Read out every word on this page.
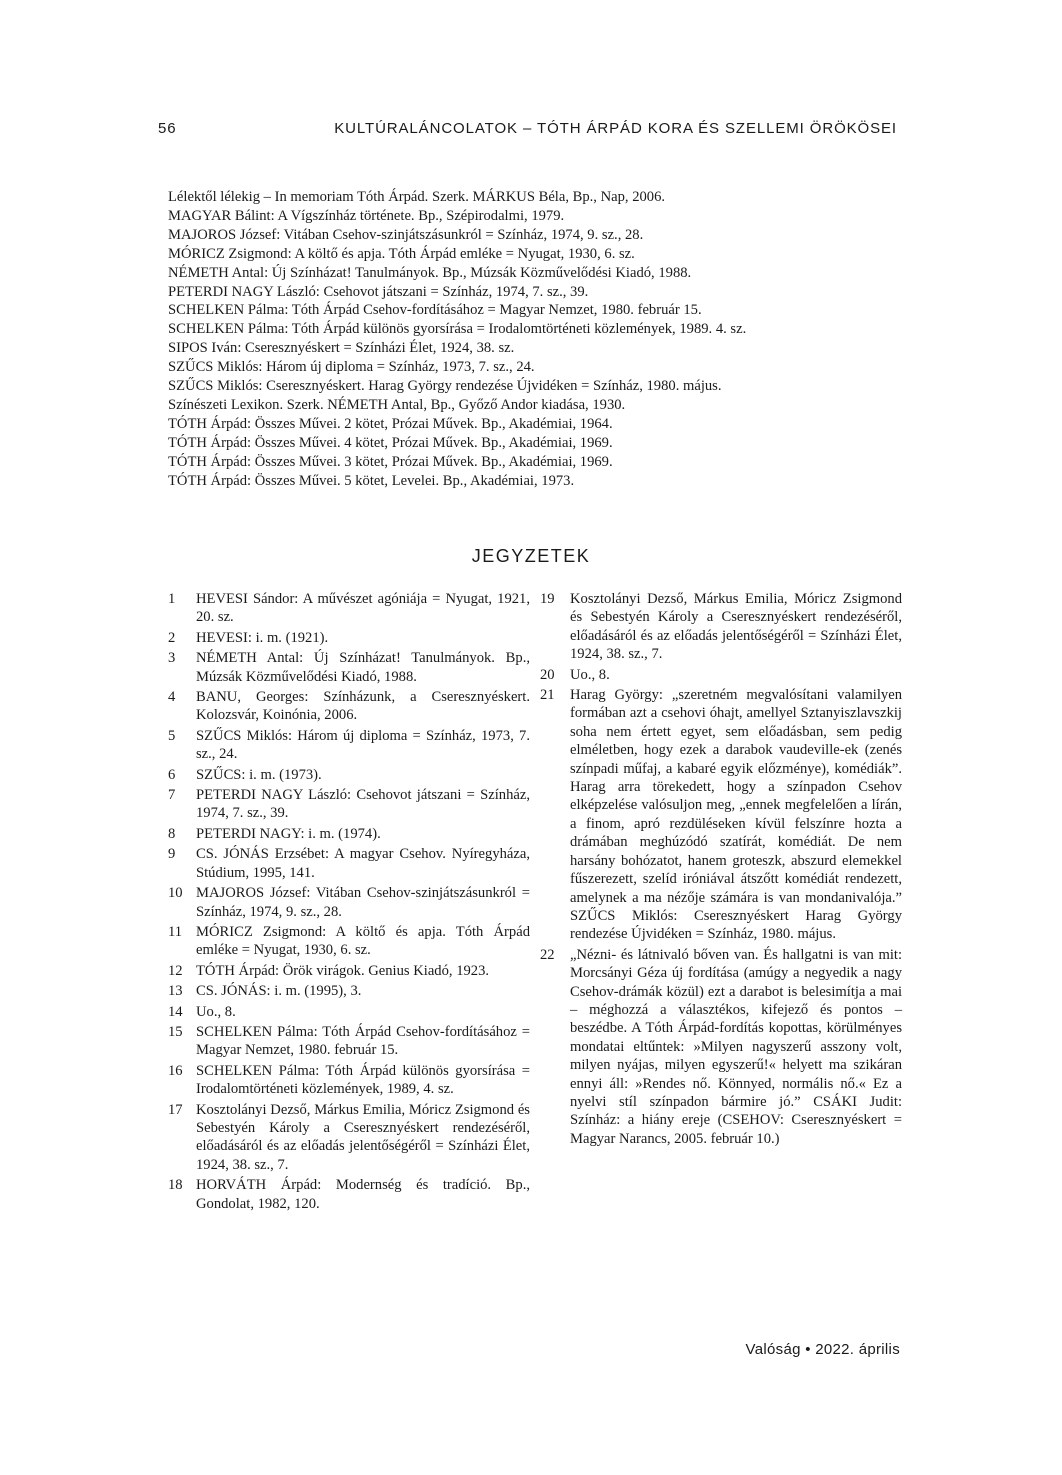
56	KULTÚRALÁNCOLATOK – TÓTH ÁRPÁD KORA ÉS SZELLEMI ÖRÖKÖSEI
Lélektől lélekig – In memoriam Tóth Árpád. Szerk. MÁRKUS Béla, Bp., Nap, 2006.
MAGYAR Bálint: A Vígszínház története. Bp., Szépirodalmi, 1979.
MAJOROS József: Vitában Csehov-szinjátszásunkról = Színház, 1974, 9. sz., 28.
MÓRICZ Zsigmond: A költő és apja. Tóth Árpád emléke = Nyugat, 1930, 6. sz.
NÉMETH Antal: Új Színházat! Tanulmányok. Bp., Múzsák Közművelődési Kiadó, 1988.
PETERDI NAGY László: Csehovot játszani = Színház, 1974, 7. sz., 39.
SCHELKEN Pálma: Tóth Árpád Csehov-fordításához = Magyar Nemzet, 1980. február 15.
SCHELKEN Pálma: Tóth Árpád különös gyorsírása = Irodalomtörténeti közlemények, 1989. 4. sz.
SIPOS Iván: Cseresznyéskert = Színházi Élet, 1924, 38. sz.
SZŰCS Miklós: Három új diploma = Színház, 1973, 7. sz., 24.
SZŰCS Miklós: Cseresznyéskert. Harag György rendezése Újvidéken = Színház, 1980. május.
Színészeti Lexikon. Szerk. NÉMETH Antal, Bp., Győző Andor kiadása, 1930.
TÓTH Árpád: Összes Művei. 2 kötet, Prózai Művek. Bp., Akadémiai, 1964.
TÓTH Árpád: Összes Művei. 4 kötet, Prózai Művek. Bp., Akadémiai, 1969.
TÓTH Árpád: Összes Művei. 3 kötet, Prózai Művek. Bp., Akadémiai, 1969.
TÓTH Árpád: Összes Művei. 5 kötet, Levelei. Bp., Akadémiai, 1973.
JEGYZETEK
1	HEVESI Sándor: A művészet agóniája = Nyugat, 1921, 20. sz.
2	HEVESI: i. m. (1921).
3	NÉMETH Antal: Új Színházat! Tanulmányok. Bp., Múzsák Közművelődési Kiadó, 1988.
4	BANU, Georges: Színházunk, a Cseresznyéskert. Kolozsvár, Koinónia, 2006.
5	SZŰCS Miklós: Három új diploma = Színház, 1973, 7. sz., 24.
6	SZŰCS: i. m. (1973).
7	PETERDI NAGY László: Csehovot játszani = Színház, 1974, 7. sz., 39.
8	PETERDI NAGY: i. m. (1974).
9	CS. JÓNÁS Erzsébet: A magyar Csehov. Nyíregyháza, Stúdium, 1995, 141.
10 MAJOROS József: Vitában Csehov-szinjátszásunkról = Színház, 1974, 9. sz., 28.
11 MÓRICZ Zsigmond: A költő és apja. Tóth Árpád emléke = Nyugat, 1930, 6. sz.
12 TÓTH Árpád: Örök virágok. Genius Kiadó, 1923.
13 CS. JÓNÁS: i. m. (1995), 3.
14 Uo., 8.
15 SCHELKEN Pálma: Tóth Árpád Csehov-fordításához = Magyar Nemzet, 1980. február 15.
16 SCHELKEN Pálma: Tóth Árpád különös gyorsírása = Irodalomtörténeti közlemények, 1989, 4. sz.
17 Kosztolányi Dezső, Márkus Emilia, Móricz Zsigmond és Sebestyén Károly a Cseresznyéskert rendezéséről, előadásáról és az előadás jelentőségéről = Színházi Élet, 1924, 38. sz., 7.
18 HORVÁTH Árpád: Modernség és tradíció. Bp., Gondolat, 1982, 120.
19	Kosztolányi Dezső, Márkus Emilia, Móricz Zsigmond és Sebestyén Károly a Cseresznyéskert rendezéséről, előadásáról és az előadás jelentőségéről = Színházi Élet, 1924, 38. sz., 7.
20	Uo., 8.
21	Harag György: „szeretném megvalósítani valamilyen formában azt a csehovi óhajt, amellyel Sztanyiszlavszkij soha nem értett egyet, sem előadásban, sem pedig elméletben, hogy ezek a darabok vaudeville-ek (zenés színpadi műfaj, a kabaré egyik előzménye), komédiák”. Harag arra törekedett, hogy a színpadon Csehov elképzelése valósuljon meg, „ennek megfelelően a lírán, a finom, apró rezdüléseken kívül felszínre hozta a drámában meghúzódó szatírát, komédiát. De nem harsány bohózatot, hanem groteszk, abszurd elemekkel fűszerezett, szelíd iróniával átszőtt komédiát rendezett, amelynek a ma nézője számára is van mondanivalója.” SZŰCS Miklós: Cseresznyéskert Harag György rendezése Újvidéken = Színház, 1980. május.
22	„Nézni- és látnivaló bőven van. És hallgatni is van mit: Morcsányi Géza új fordítása (amúgy a negyedik a nagy Csehov-drámák közül) ezt a darabot is belesimítja a mai – méghozzá a választékos, kifejező és pontos – beszédbe. A Tóth Árpád-fordítás kopottas, körülményes mondatai eltűntek: »Milyen nagyszerű asszony volt, milyen nyájas, milyen egyszerű!« helyett ma szikáran ennyi áll: »Rendes nő. Könnyed, normális nő.« Ez a nyelvi stíl színpadon bármire jó.” CSÁKI Judit: Színház: a hiány ereje (CSEHOV: Cseresznyéskert = Magyar Narancs, 2005. február 10.)
Valóság • 2022. április
